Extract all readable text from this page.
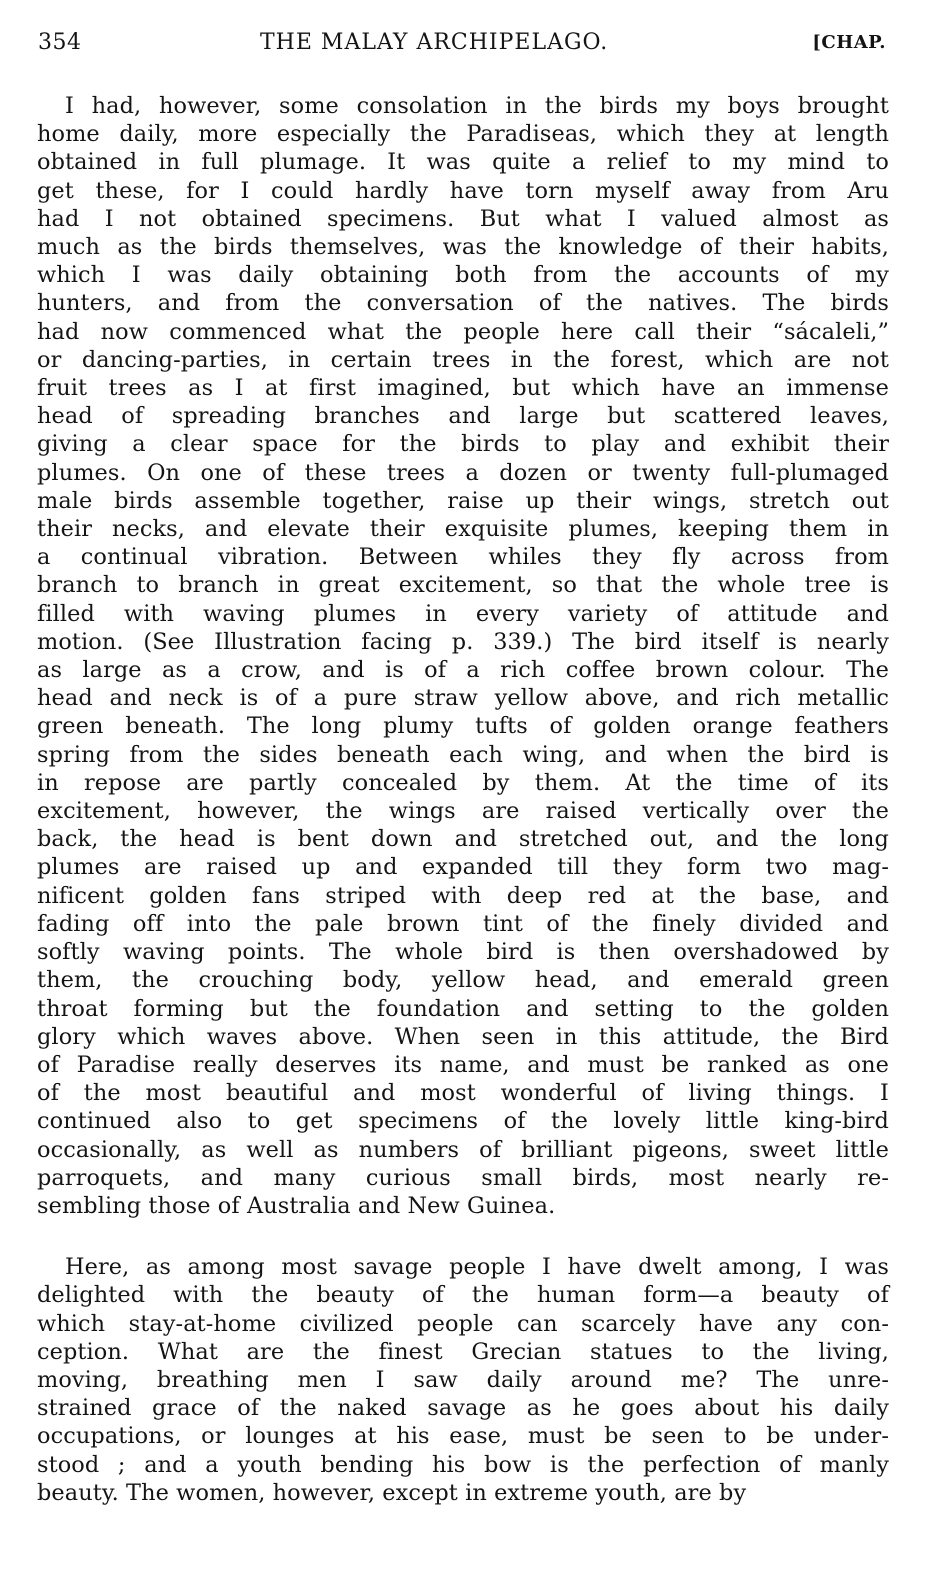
354	THE MALAY ARCHIPELAGO.	[CHAP.
I had, however, some consolation in the birds my boys brought
home daily, more especially the Paradiseas, which they at length
obtained in full plumage. It was quite a relief to my mind to
get these, for I could hardly have torn myself away from Aru
had I not obtained specimens. But what I valued almost as
much as the birds themselves, was the knowledge of their habits,
which I was daily obtaining both from the accounts of my
hunters, and from the conversation of the natives. The birds
had now commenced what the people here call their “sácaleli,”
or dancing-parties, in certain trees in the forest, which are not
fruit trees as I at first imagined, but which have an immense
head of spreading branches and large but scattered leaves,
giving a clear space for the birds to play and exhibit their
plumes. On one of these trees a dozen or twenty full-plumaged
male birds assemble together, raise up their wings, stretch out
their necks, and elevate their exquisite plumes, keeping them in
a continual vibration. Between whiles they fly across from
branch to branch in great excitement, so that the whole tree is
filled with waving plumes in every variety of attitude and
motion. (See Illustration facing p. 339.) The bird itself is nearly
as large as a crow, and is of a rich coffee brown colour. The
head and neck is of a pure straw yellow above, and rich metallic
green beneath. The long plumy tufts of golden orange feathers
spring from the sides beneath each wing, and when the bird is
in repose are partly concealed by them. At the time of its
excitement, however, the wings are raised vertically over the
back, the head is bent down and stretched out, and the long
plumes are raised up and expanded till they form two mag-
nificent golden fans striped with deep red at the base, and
fading off into the pale brown tint of the finely divided and
softly waving points. The whole bird is then overshadowed by
them, the crouching body, yellow head, and emerald green
throat forming but the foundation and setting to the golden
glory which waves above. When seen in this attitude, the Bird
of Paradise really deserves its name, and must be ranked as one
of the most beautiful and most wonderful of living things. I
continued also to get specimens of the lovely little king-bird
occasionally, as well as numbers of brilliant pigeons, sweet little
parroquets, and many curious small birds, most nearly re-
sembling those of Australia and New Guinea.
Here, as among most savage people I have dwelt among, I was
delighted with the beauty of the human form—a beauty of
which stay-at-home civilized people can scarcely have any con-
ception. What are the finest Grecian statues to the living,
moving, breathing men I saw daily around me? The unre-
strained grace of the naked savage as he goes about his daily
occupations, or lounges at his ease, must be seen to be under-
stood ; and a youth bending his bow is the perfection of manly
beauty. The women, however, except in extreme youth, are by
